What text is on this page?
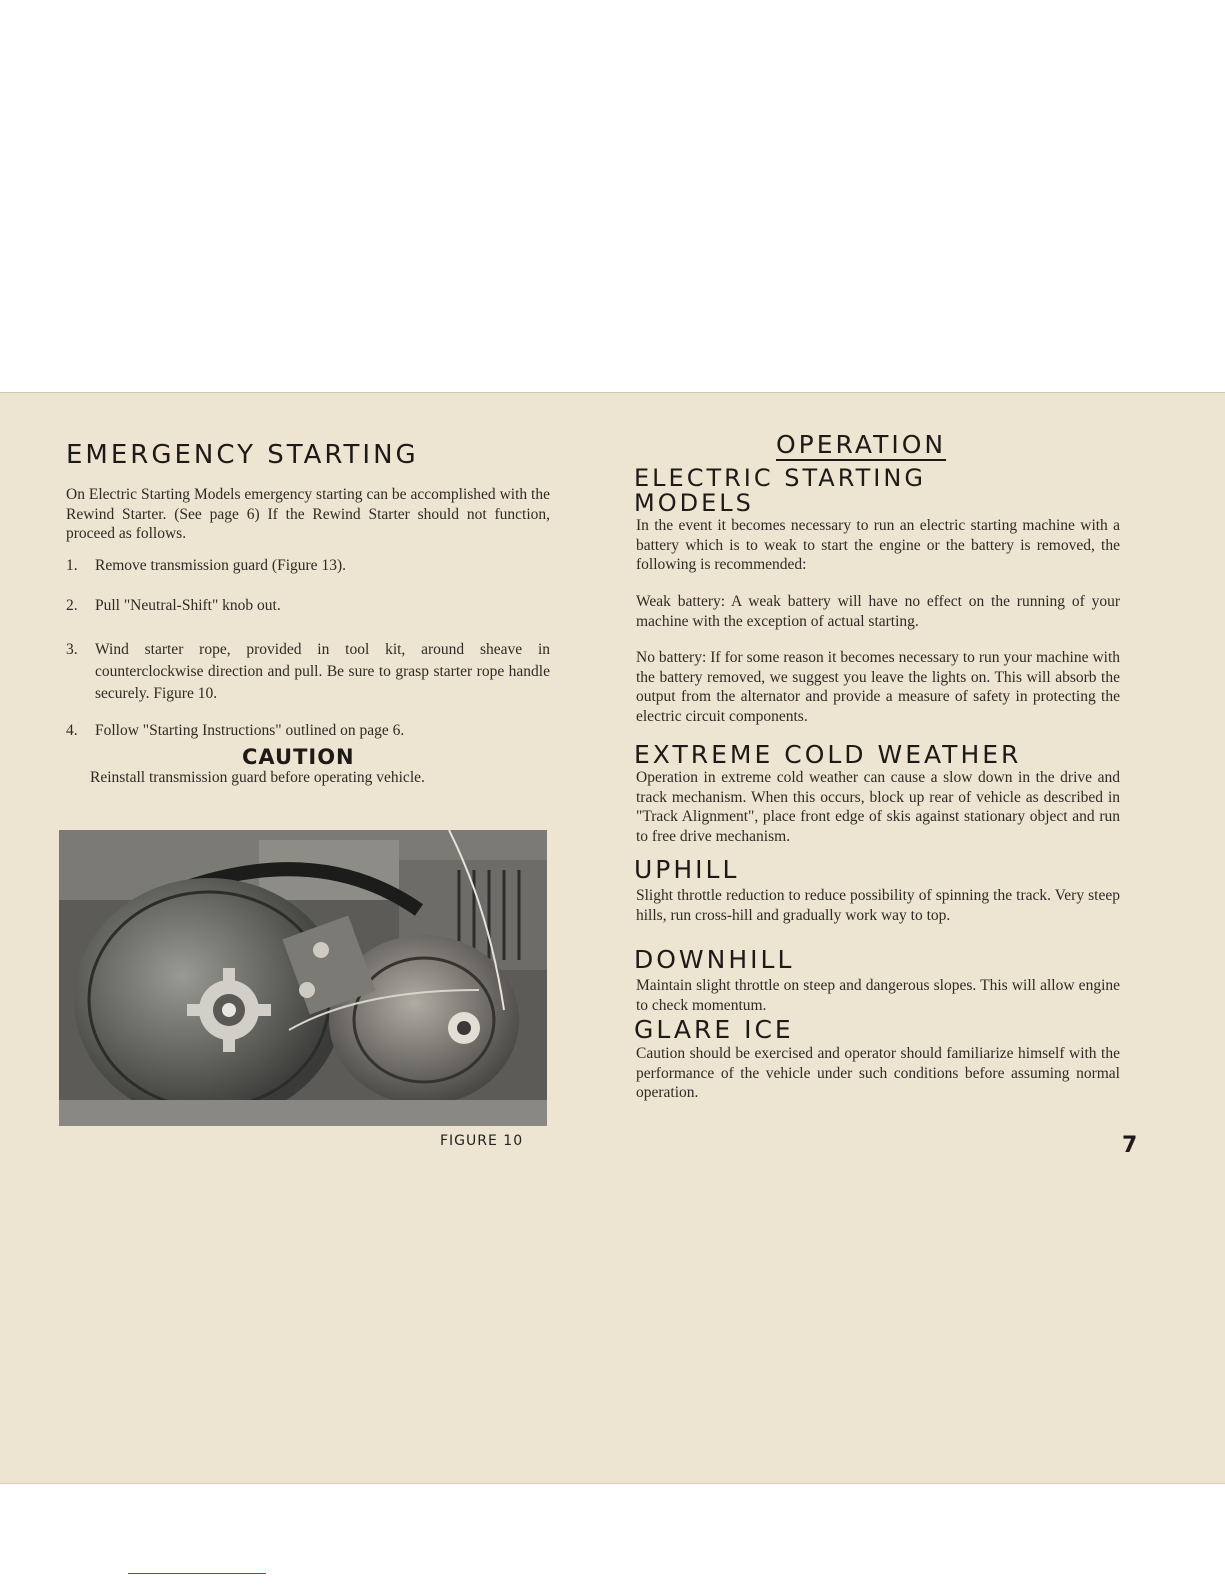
EMERGENCY STARTING

On Electric Starting Models emergency starting can be accomplished with the Rewind Starter. (See page 6) If the Rewind Starter should not function, proceed as follows.

1. Remove transmission guard (Figure 13).
2. Pull "Neutral-Shift" knob out.
3. Wind starter rope, provided in tool kit, around sheave in counterclockwise direction and pull. Be sure to grasp starter rope handle securely. Figure 10.
4. Follow "Starting Instructions" outlined on page 6.
CAUTION

Reinstall transmission guard before operating vehicle.

FIGURE 10
OPERATION
ELECTRIC STARTING MODELS

In the event it becomes necessary to run an electric starting machine with a battery which is to weak to start the engine or the battery is removed, the following is recommended:

Weak battery: A weak battery will have no effect on the running of your machine with the exception of actual starting.

No battery: If for some reason it becomes necessary to run your machine with the battery removed, we suggest you leave the lights on. This will absorb the output from the alternator and provide a measure of safety in protecting the electric circuit components.

EXTREME COLD WEATHER

Operation in extreme cold weather can cause a slow down in the drive and track mechanism. When this occurs, block up rear of vehicle as described in "Track Alignment", place front edge of skis against stationary object and run to free drive mechanism.

UPHILL

Slight throttle reduction to reduce possibility of spinning the track. Very steep hills, run cross-hill and gradually work way to top.

DOWNHILL

Maintain slight throttle on steep and dangerous slopes. This will allow engine to check momentum.

GLARE ICE

Caution should be exercised and operator should familiarize himself with the performance of the vehicle under such conditions before assuming normal operation.

7
